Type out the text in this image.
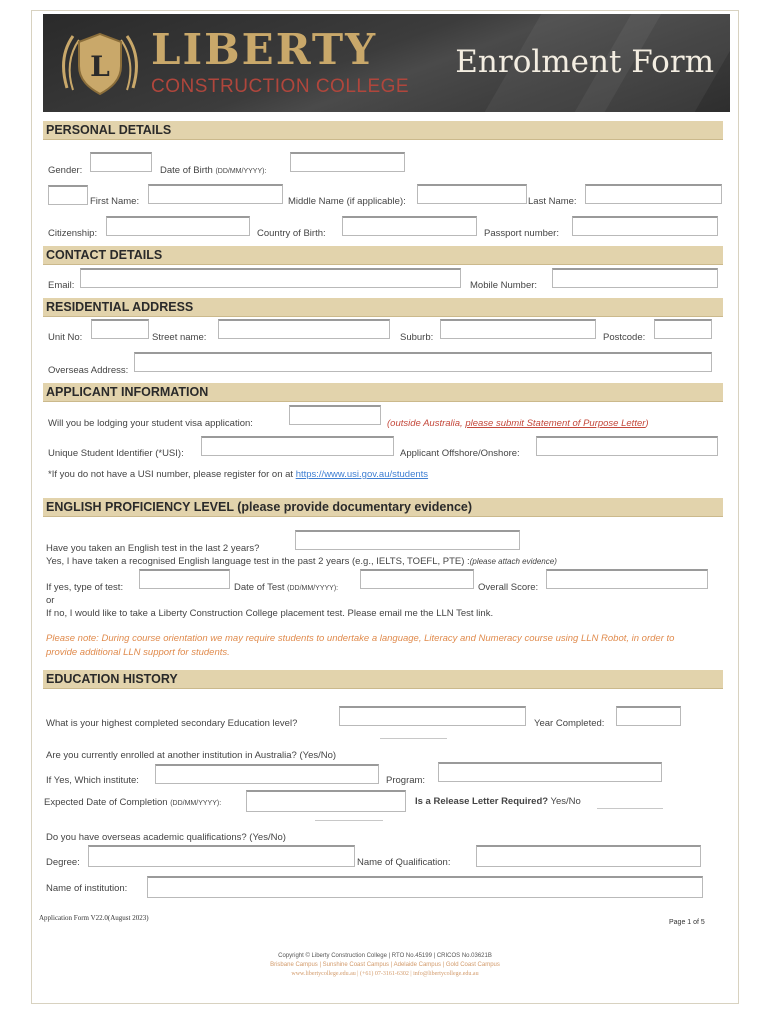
L LIBERTY
CONSTRUCTION COLLEGE
Enrolment Form
PERSONAL DETAILS
Gender:	Date of Birth (DD/MM/YYYY):
First Name:	Middle Name (if applicable):	Last Name:
Citizenship:	Country of Birth:	Passport number:
CONTACT DETAILS
Email:	Mobile Number:
RESIDENTIAL ADDRESS
Unit No:	Street name:	Suburb:	Postcode:
Overseas Address:
APPLICANT INFORMATION
Will you be lodging your student visa application:	(outside Australia, please submit Statement of Purpose Letter)
Unique Student Identifier (*USI):	Applicant Offshore/Onshore:
*If you do not have a USI number, please register for on at https://www.usi.gov.au/students
ENGLISH PROFICIENCY LEVEL (please provide documentary evidence)
Have you taken an English test in the last 2 years?
Yes, I have taken a recognised English language test in the past 2 years (e.g., IELTS, TOEFL, PTE) :(please attach evidence)
If yes, type of test:	Date of Test (DD/MM/YYYY):	Overall Score:
or
If no, I would like to take a Liberty Construction College placement test. Please email me the LLN Test link.
Please note: During course orientation we may require students to undertake a language, Literacy and Numeracy course using LLN Robot, in order to
provide additional LLN support for students.
EDUCATION HISTORY
What is your highest completed secondary Education level?	Year Completed:
Are you currently enrolled at another institution in Australia? (Yes/No)
If Yes, Which institute:	Program:
Expected Date of Completion (DD/MM/YYYY):	Is a Release Letter Required? Yes/No
Do you have overseas academic qualifications? (Yes/No)
Degree:	Name of Qualification:
Name of institution:
Application Form V22.0(August 2023)
Page 1 of 5
Copyright © Liberty Construction College | RTO No.45199 | CRICOS No.03621B
Brisbane Campus | Sunshine Coast Campus | Adelaide Campus | Gold Coast Campus
www.libertycollege.edu.au | (+61) 07-3161-6302 | info@libertycollege.edu.au
